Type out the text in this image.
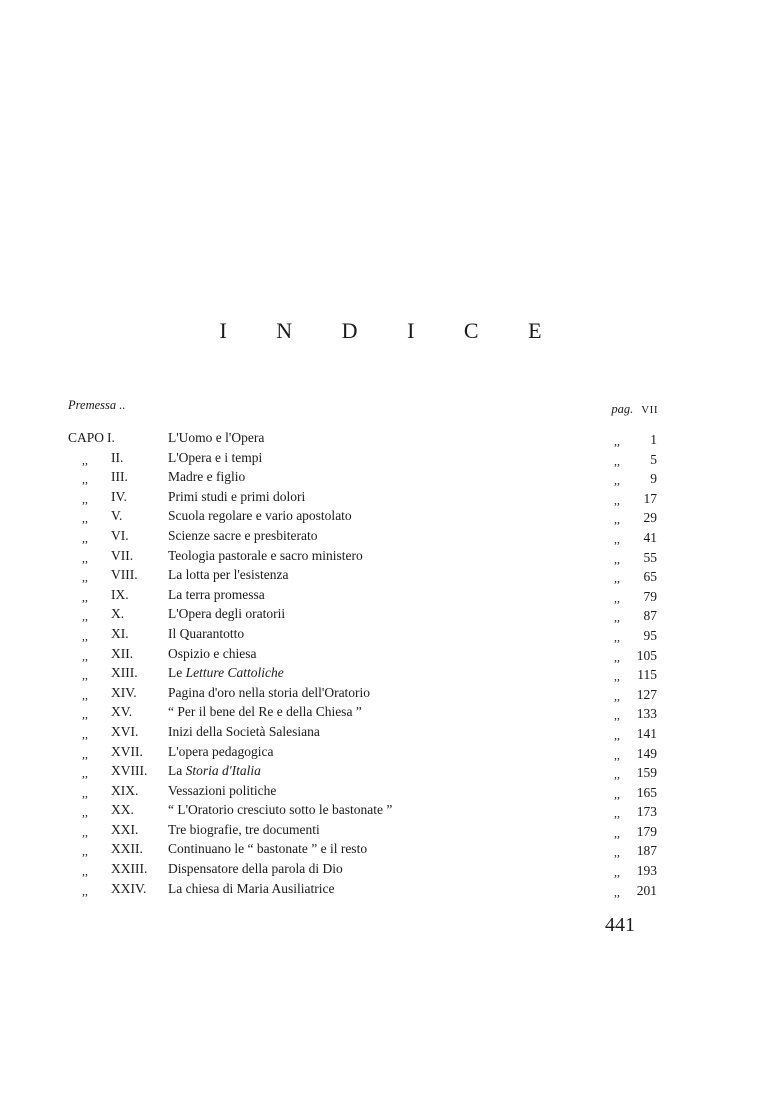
I N D I C E
Premessa ..	pag. VII
CAPO I.	L'Uomo e l'Opera	,, 1
,, II.	L'Opera e i tempi	,, 5
,, III.	Madre e figlio	,, 9
,, IV.	Primi studi e primi dolori	,, 17
,, V.	Scuola regolare e vario apostolato	,, 29
,, VI.	Scienze sacre e presbiterato	,, 41
,, VII.	Teologia pastorale e sacro ministero	,, 55
,, VIII. La lotta per l'esistenza	,, 65
,, IX.	La terra promessa	,, 79
,, X.	L'Opera degli oratorii	,, 87
,, XI.	Il Quarantotto	,, 95
,, XII.	Ospizio e chiesa	,, 105
,, XIII. Le Letture Cattoliche	,, 115
,, XIV. Pagina d'oro nella storia dell'Oratorio	,, 127
,, XV.	“ Per il bene del Re e della Chiesa ”	,, 133
,, XVI. Inizi della Società Salesiana	,, 141
,, XVII. L'opera pedagogica	,, 149
,, XVIII. La Storia d'Italia	,, 159
,, XIX. Vessazioni politiche	,, 165
,, XX.	“ L'Oratorio cresciuto sotto le bastonate ”	,, 173
,, XXI. Tre biografie, tre documenti	,, 179
,, XXII. Continuano le “ bastonate ” e il resto	,, 187
,, XXIII. Dispensatore della parola di Dio	,, 193
,, XXIV. La chiesa di Maria Ausiliatrice	,, 201
441
